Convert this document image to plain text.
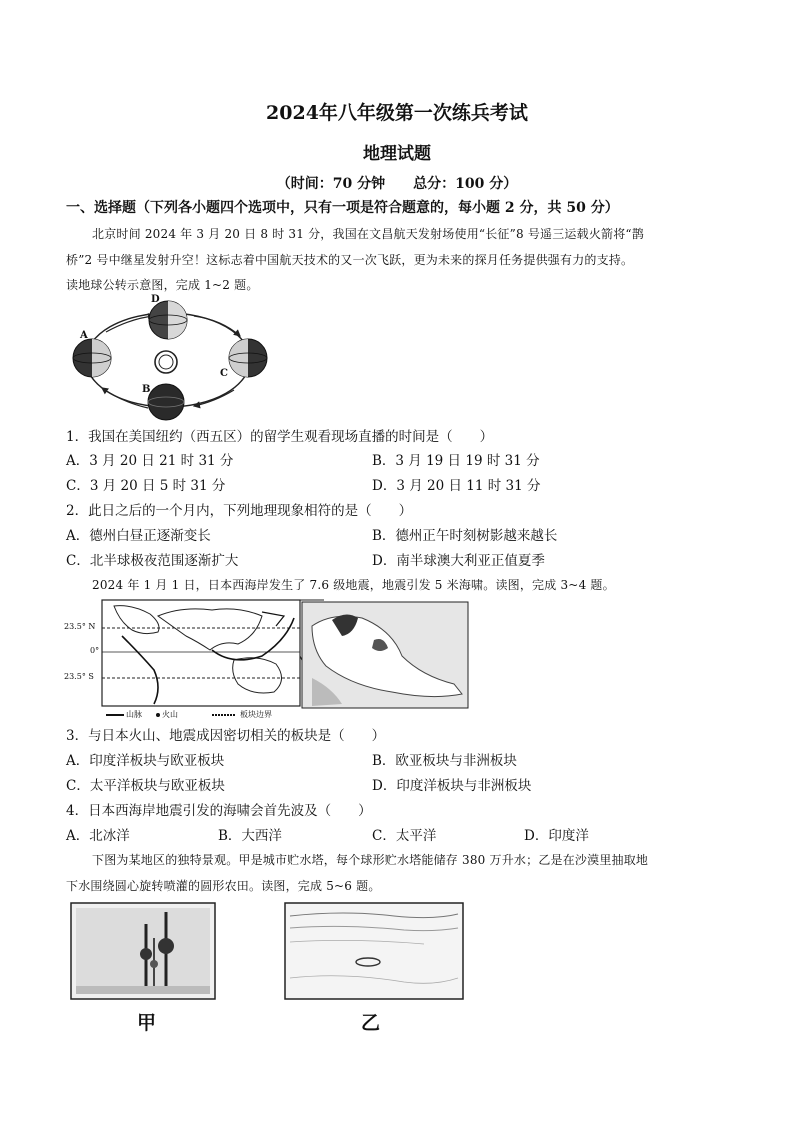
2024年八年级第一次练兵考试
地理试题
（时间：70 分钟　　总分：100 分）
一、选择题（下列各小题四个选项中，只有一项是符合题意的，每小题 2 分，共 50 分）
北京时间 2024 年 3 月 20 日 8 时 31 分，我国在文昌航天发射场使用“长征”8 号遥三运载火箭将“鹊
桥”2 号中继星发射升空！这标志着中国航天技术的又一次飞跃，更为未来的探月任务提供强有力的支持。
读地球公转示意图，完成 1~2 题。
D
A
C
B
1．我国在美国纽约（西五区）的留学生观看现场直播的时间是（　　）
A．3 月 20 日 21 时 31 分	B．3 月 19 日 19 时 31 分
C．3 月 20 日 5 时 31 分	D．3 月 20 日 11 时 31 分
2．此日之后的一个月内，下列地理现象相符的是（　　）
A．德州白昼正逐渐变长	B．德州正午时刻树影越来越长
C．北半球极夜范围逐渐扩大	D．南半球澳大利亚正值夏季
2024 年 1 月 1 日，日本西海岸发生了 7.6 级地震，地震引发 5 米海啸。读图，完成 3~4 题。
23.5° N
0°
23.5° S
山脉	火山	板块边界
3．与日本火山、地震成因密切相关的板块是（　　）
A．印度洋板块与欧亚板块	B．欧亚板块与非洲板块
C．太平洋板块与欧亚板块	D．印度洋板块与非洲板块
4．日本西海岸地震引发的海啸会首先波及（　　）
A．北冰洋	B．大西洋	C．太平洋	D．印度洋
下图为某地区的独特景观。甲是城市贮水塔，每个球形贮水塔能储存 380 万升水；乙是在沙漠里抽取地
下水围绕圆心旋转喷灌的圆形农田。读图，完成 5~6 题。
甲	乙
